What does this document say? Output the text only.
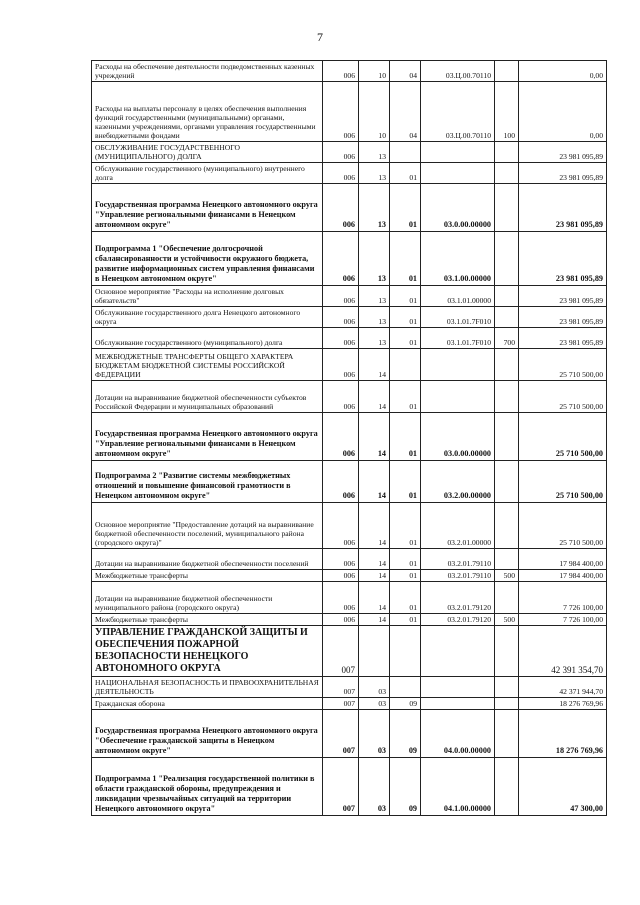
7
Расходы на обеспечение деятельности подведомственных казенных учреждений	006	10	04	03.Ц.00.70110		0,00
Расходы на выплаты персоналу в целях обеспечения выполнения функций государственными (муниципальными) органами, казенными учреждениями, органами управления государственными внебюджетными фондами	006	10	04	03.Ц.00.70110	100	0,00
ОБСЛУЖИВАНИЕ ГОСУДАРСТВЕННОГО (МУНИЦИПАЛЬНОГО) ДОЛГА	006	13				23 981 095,89
Обслуживание государственного (муниципального) внутреннего долга	006	13	01			23 981 095,89
Государственная программа Ненецкого автономного округа "Управление региональными финансами в Ненецком автономном округе"	006	13	01	03.0.00.00000		23 981 095,89
Подпрограмма 1 "Обеспечение долгосрочной сбалансированности и устойчивости окружного бюджета, развитие информационных систем управления финансами в Ненецком автономном округе"	006	13	01	03.1.00.00000		23 981 095,89
Основное мероприятие "Расходы на исполнение долговых обязательств"	006	13	01	03.1.01.00000		23 981 095,89
Обслуживание государственного долга Ненецкого автономного округа	006	13	01	03.1.01.7F010		23 981 095,89
Обслуживание государственного (муниципального) долга	006	13	01	03.1.01.7F010	700	23 981 095,89
МЕЖБЮДЖЕТНЫЕ ТРАНСФЕРТЫ ОБЩЕГО ХАРАКТЕРА БЮДЖЕТАМ БЮДЖЕТНОЙ СИСТЕМЫ РОССИЙСКОЙ ФЕДЕРАЦИИ	006	14				25 710 500,00
Дотации на выравнивание бюджетной обеспеченности субъектов Российской Федерации и муниципальных образований	006	14	01			25 710 500,00
Государственная программа Ненецкого автономного округа "Управление региональными финансами в Ненецком автономном округе"	006	14	01	03.0.00.00000		25 710 500,00
Подпрограмма 2 "Развитие системы межбюджетных отношений и повышение финансовой грамотности в Ненецком автономном округе"	006	14	01	03.2.00.00000		25 710 500,00
Основное мероприятие "Предоставление дотаций на выравнивание бюджетной обеспеченности поселений, муниципального района (городского округа)"	006	14	01	03.2.01.00000		25 710 500,00
Дотации на выравнивание бюджетной обеспеченности поселений	006	14	01	03.2.01.79110		17 984 400,00
Межбюджетные трансферты	006	14	01	03.2.01.79110	500	17 984 400,00
Дотации на выравнивание бюджетной обеспеченности муниципального района (городского округа)	006	14	01	03.2.01.79120		7 726 100,00
Межбюджетные трансферты	006	14	01	03.2.01.79120	500	7 726 100,00
УПРАВЛЕНИЕ ГРАЖДАНСКОЙ ЗАЩИТЫ И ОБЕСПЕЧЕНИЯ ПОЖАРНОЙ БЕЗОПАСНОСТИ НЕНЕЦКОГО АВТОНОМНОГО ОКРУГА	007					42 391 354,70
НАЦИОНАЛЬНАЯ БЕЗОПАСНОСТЬ И ПРАВООХРАНИТЕЛЬНАЯ ДЕЯТЕЛЬНОСТЬ	007	03				42 371 944,70
Гражданская оборона	007	03	09			18 276 769,96
Государственная программа Ненецкого автономного округа "Обеспечение гражданской защиты в Ненецком автономном округе"	007	03	09	04.0.00.00000		18 276 769,96
Подпрограмма 1 "Реализация государственной политики в области гражданской обороны, предупреждения и ликвидации чрезвычайных ситуаций на территории Ненецкого автономного округа"	007	03	09	04.1.00.00000		47 300,00
